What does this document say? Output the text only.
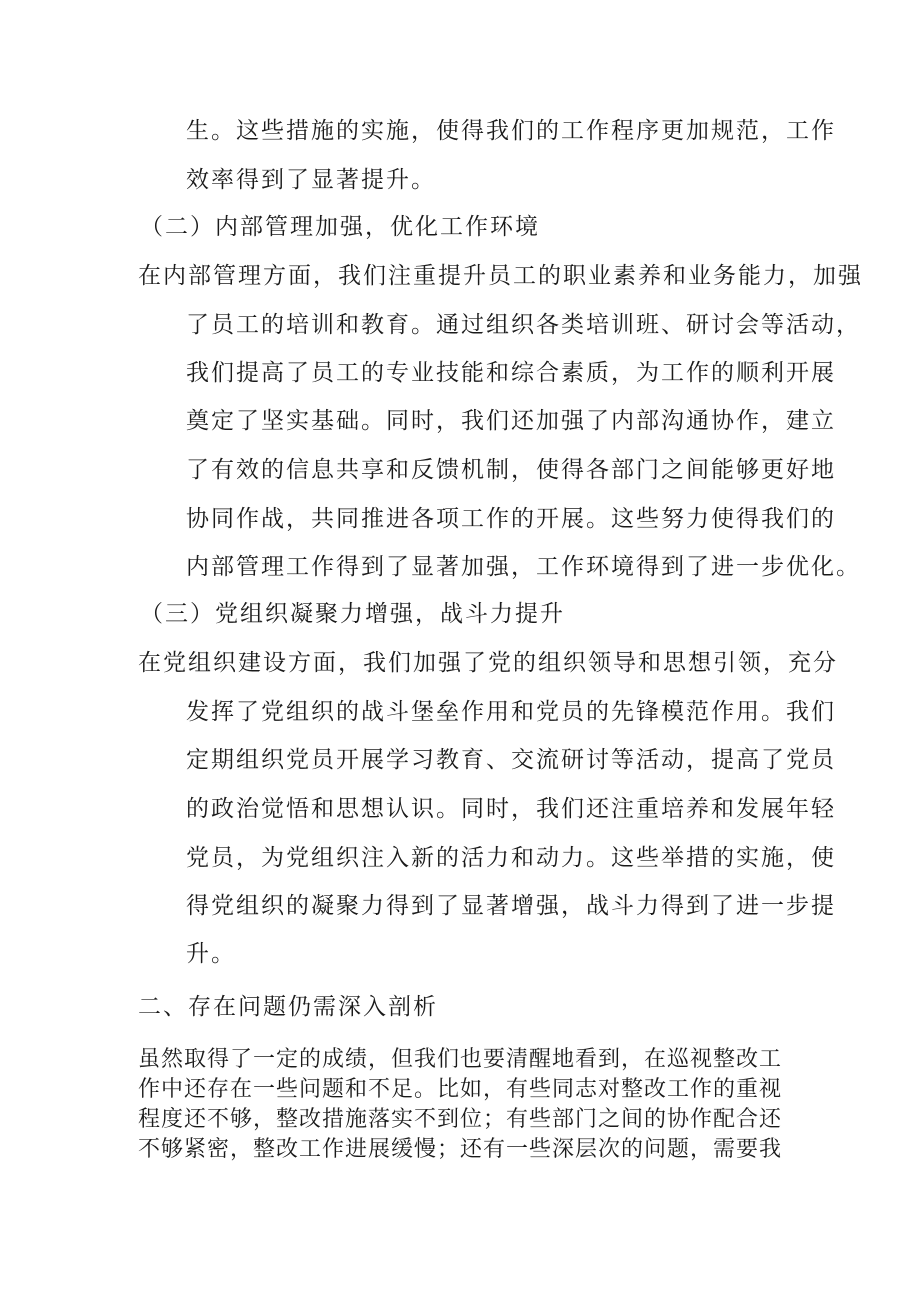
生。这些措施的实施，使得我们的工作程序更加规范，工作
效率得到了显著提升。
（二）内部管理加强，优化工作环境
在内部管理方面，我们注重提升员工的职业素养和业务能力，加强
了员工的培训和教育。通过组织各类培训班、研讨会等活动，
我们提高了员工的专业技能和综合素质，为工作的顺利开展
奠定了坚实基础。同时，我们还加强了内部沟通协作，建立
了有效的信息共享和反馈机制，使得各部门之间能够更好地
协同作战，共同推进各项工作的开展。这些努力使得我们的
内部管理工作得到了显著加强，工作环境得到了进一步优化。
（三）党组织凝聚力增强，战斗力提升
在党组织建设方面，我们加强了党的组织领导和思想引领，充分
发挥了党组织的战斗堡垒作用和党员的先锋模范作用。我们
定期组织党员开展学习教育、交流研讨等活动，提高了党员
的政治觉悟和思想认识。同时，我们还注重培养和发展年轻
党员，为党组织注入新的活力和动力。这些举措的实施，使
得党组织的凝聚力得到了显著增强，战斗力得到了进一步提
升。
二、存在问题仍需深入剖析
虽然取得了一定的成绩，但我们也要清醒地看到，在巡视整改工
作中还存在一些问题和不足。比如，有些同志对整改工作的重视
程度还不够，整改措施落实不到位；有些部门之间的协作配合还
不够紧密，整改工作进展缓慢；还有一些深层次的问题，需要我
